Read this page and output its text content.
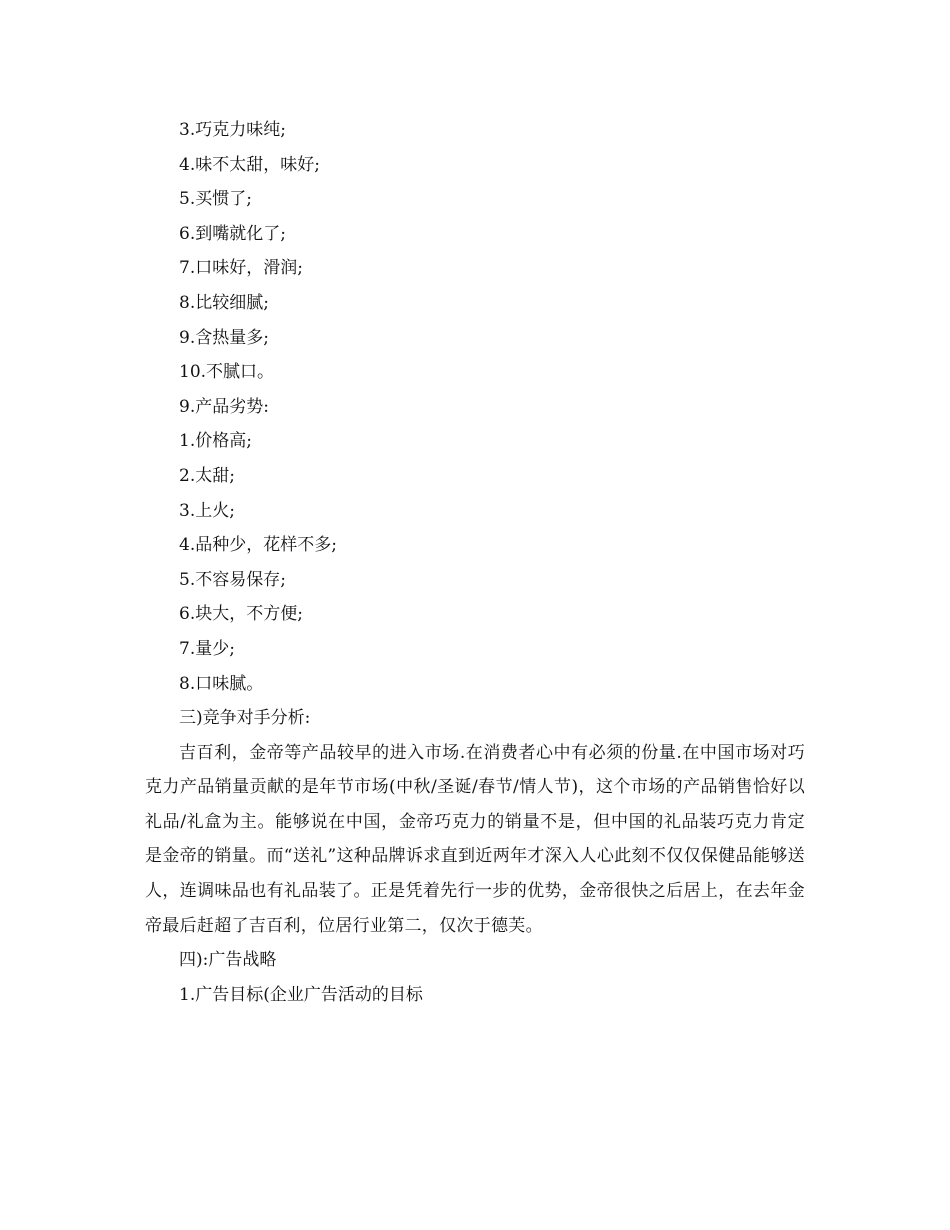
3.巧克力味纯;
4.味不太甜，味好;
5.买惯了;
6.到嘴就化了;
7.口味好，滑润;
8.比较细腻;
9.含热量多;
10.不腻口。
9.产品劣势:
1.价格高;
2.太甜;
3.上火;
4.品种少，花样不多;
5.不容易保存;
6.块大，不方便;
7.量少;
8.口味腻。
三)竞争对手分析:

吉百利，金帝等产品较早的进入市场.在消费者心中有必须的份量.在中国市场对巧克力产品销量贡献的是年节市场(中秋/圣诞/春节/情人节)，这个市场的产品销售恰好以礼品/礼盒为主。能够说在中国，金帝巧克力的销量不是，但中国的礼品装巧克力肯定是金帝的销量。而“送礼”这种品牌诉求直到近两年才深入人心此刻不仅仅保健品能够送人，连调味品也有礼品装了。正是凭着先行一步的优势，金帝很快之后居上，在去年金帝最后赶超了吉百利，位居行业第二，仅次于德芙。

四):广告战略
1.广告目标(企业广告活动的目标
